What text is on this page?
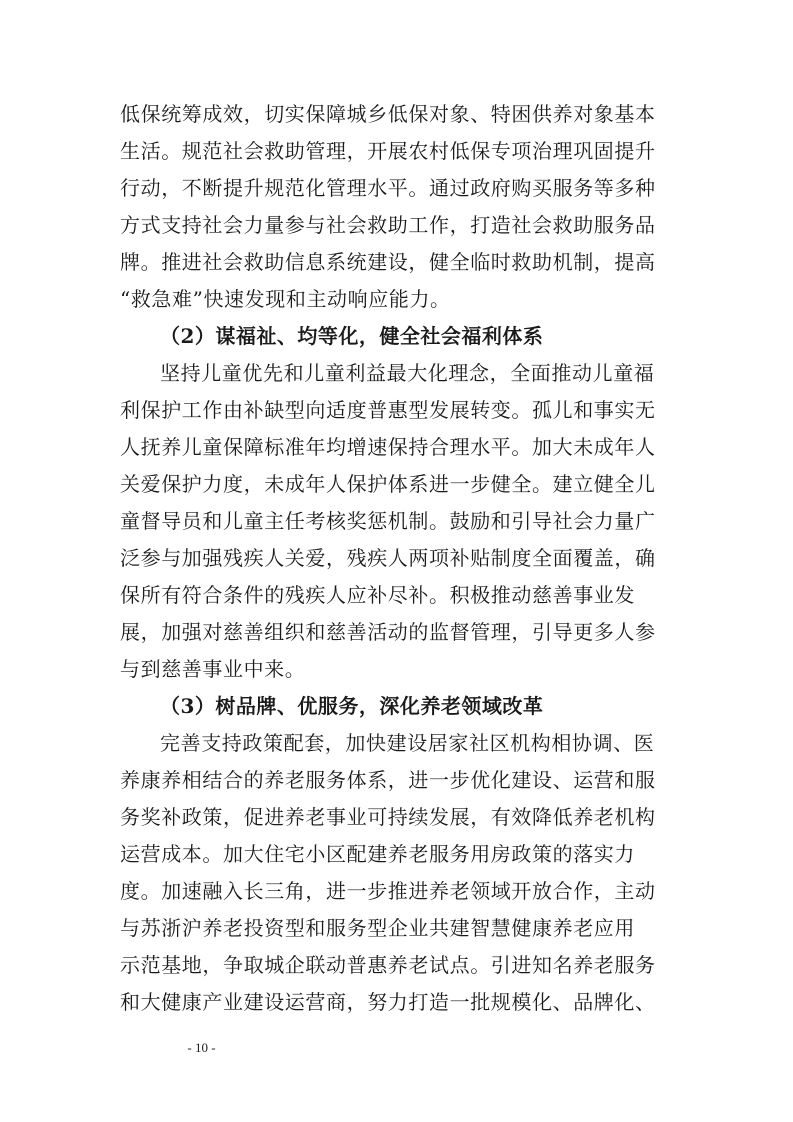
低保统筹成效，切实保障城乡低保对象、特困供养对象基本
生活。规范社会救助管理，开展农村低保专项治理巩固提升
行动，不断提升规范化管理水平。通过政府购买服务等多种
方式支持社会力量参与社会救助工作，打造社会救助服务品
牌。推进社会救助信息系统建设，健全临时救助机制，提高
“救急难”快速发现和主动响应能力。
（2）谋福祉、均等化，健全社会福利体系
坚持儿童优先和儿童利益最大化理念，全面推动儿童福
利保护工作由补缺型向适度普惠型发展转变。孤儿和事实无
人抚养儿童保障标准年均增速保持合理水平。加大未成年人
关爱保护力度，未成年人保护体系进一步健全。建立健全儿
童督导员和儿童主任考核奖惩机制。鼓励和引导社会力量广
泛参与加强残疾人关爱，残疾人两项补贴制度全面覆盖，确
保所有符合条件的残疾人应补尽补。积极推动慈善事业发
展，加强对慈善组织和慈善活动的监督管理，引导更多人参
与到慈善事业中来。
（3）树品牌、优服务，深化养老领域改革
完善支持政策配套，加快建设居家社区机构相协调、医
养康养相结合的养老服务体系，进一步优化建设、运营和服
务奖补政策，促进养老事业可持续发展，有效降低养老机构
运营成本。加大住宅小区配建养老服务用房政策的落实力
度。加速融入长三角，进一步推进养老领域开放合作，主动
与苏浙沪养老投资型和服务型企业共建智慧健康养老应用
示范基地，争取城企联动普惠养老试点。引进知名养老服务
和大健康产业建设运营商，努力打造一批规模化、品牌化、
- 10 -
